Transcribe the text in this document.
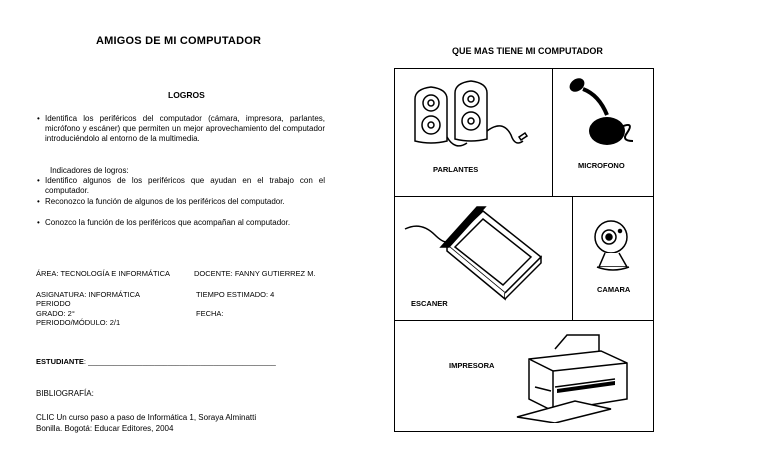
AMIGOS DE MI COMPUTADOR
LOGROS
• Identifica los periféricos del computador (cámara, impresora, parlantes, micrófono y escáner) que permiten un mejor aprovechamiento del computador introduciéndolo al entorno de la multimedia.
Indicadores de logros:
• Identifico algunos de los periféricos que ayudan en el trabajo con el computador.
• Reconozco la función de algunos de los periféricos del computador.
• Conozco la función de los periféricos que acompañan al computador.
ÁREA: TECNOLOGÍA E INFORMÁTICA	DOCENTE: FANNY GUTIERREZ M.
ASIGNATURA: INFORMÁTICA	TIEMPO ESTIMADO: 4
PERIODO
GRADO: 2°	FECHA:
PERIODO/MÓDULO: 2/1
ESTUDIANTE: _____________________________________________
BIBLIOGRAFÍA:
CLIC Un curso paso a paso de Informática 1, Soraya Alminatti
Bonilla. Bogotá: Educar Editores, 2004
QUE MAS TIENE MI COMPUTADOR
PARLANTES	MICROFONO
ESCANER
CAMARA
IMPRESORA
